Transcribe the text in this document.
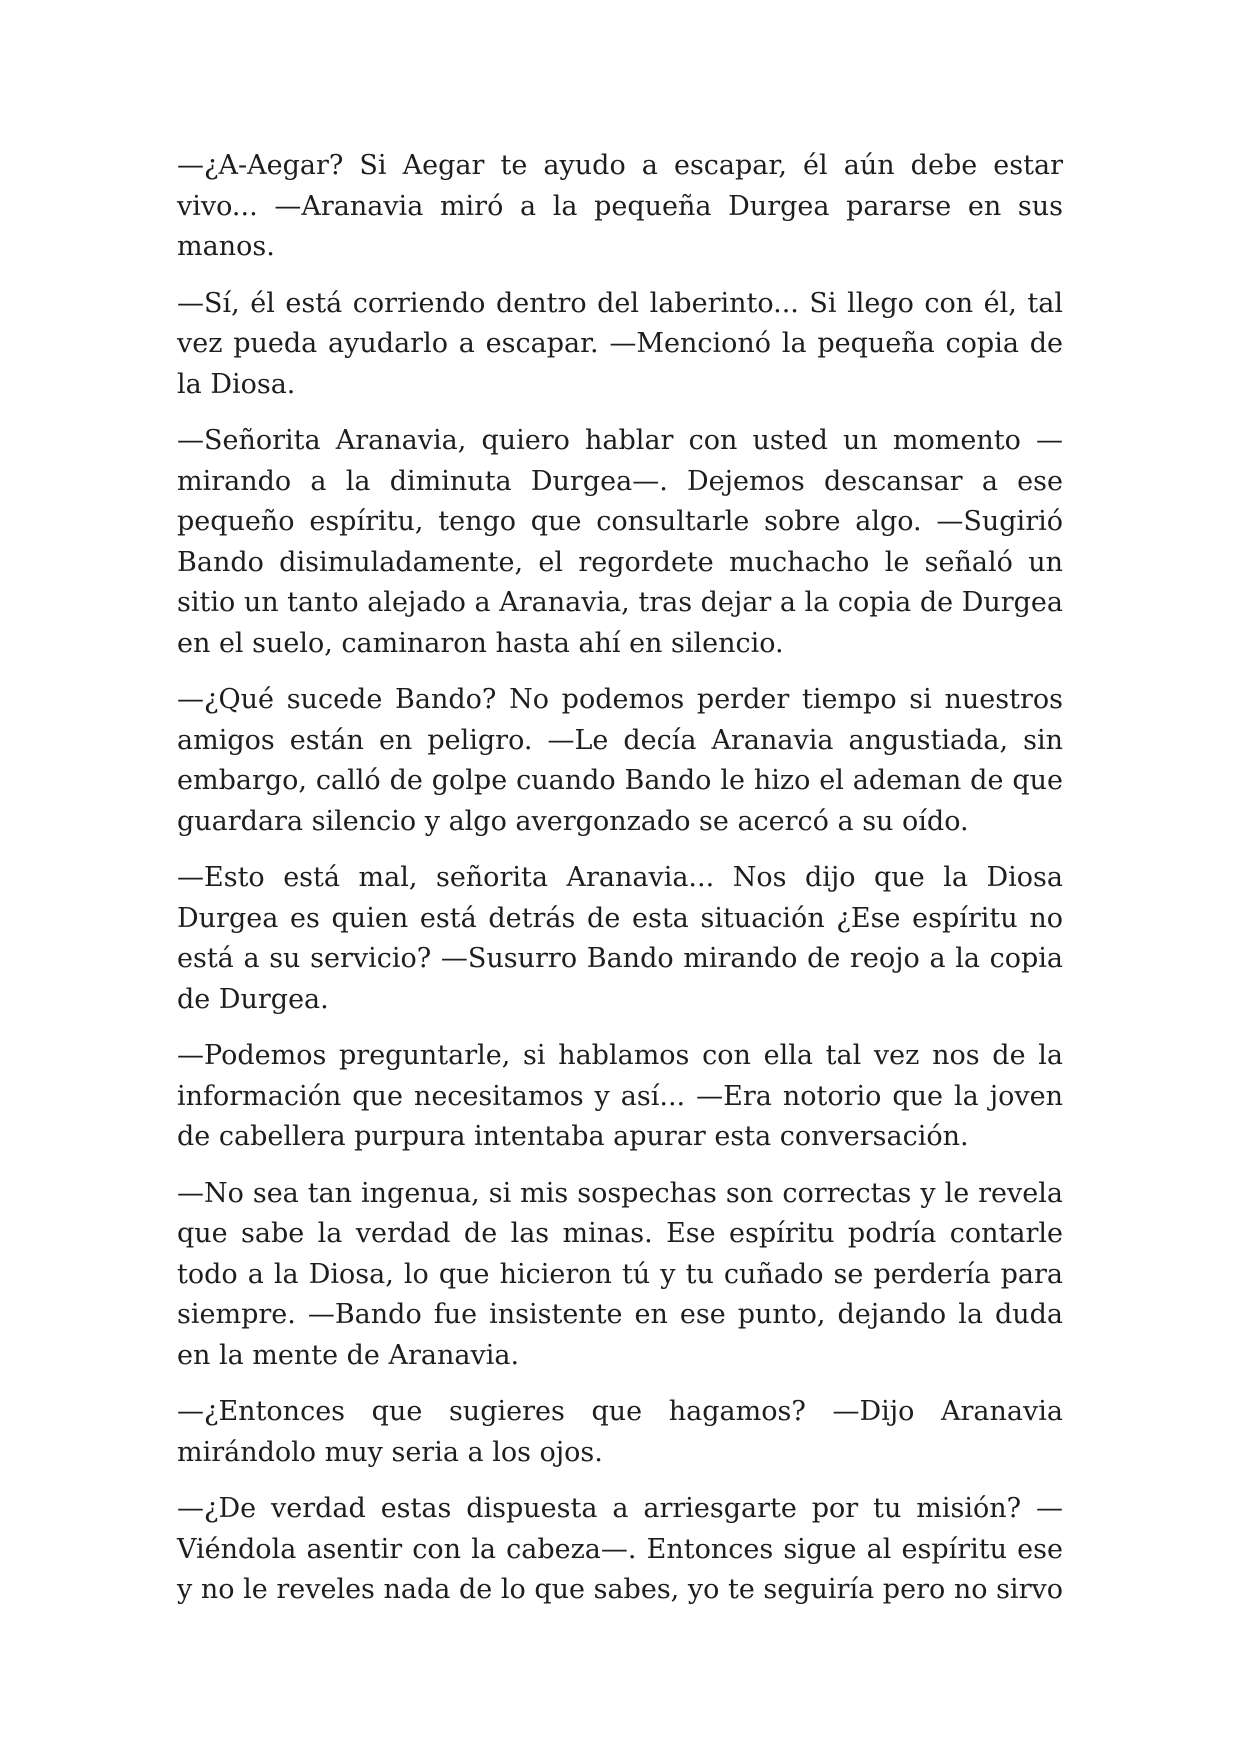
—¿A-Aegar? Si Aegar te ayudo a escapar, él aún debe estar vivo... —Aranavia miró a la pequeña Durgea pararse en sus manos.

—Sí, él está corriendo dentro del laberinto... Si llego con él, tal vez pueda ayudarlo a escapar. —Mencionó la pequeña copia de la Diosa.

—Señorita Aranavia, quiero hablar con usted un momento —mirando a la diminuta Durgea—. Dejemos descansar a ese pequeño espíritu, tengo que consultarle sobre algo. —Sugirió Bando disimuladamente, el regordete muchacho le señaló un sitio un tanto alejado a Aranavia, tras dejar a la copia de Durgea en el suelo, caminaron hasta ahí en silencio.

—¿Qué sucede Bando? No podemos perder tiempo si nuestros amigos están en peligro. —Le decía Aranavia angustiada, sin embargo, calló de golpe cuando Bando le hizo el ademan de que guardara silencio y algo avergonzado se acercó a su oído.

—Esto está mal, señorita Aranavia... Nos dijo que la Diosa Durgea es quien está detrás de esta situación ¿Ese espíritu no está a su servicio? —Susurro Bando mirando de reojo a la copia de Durgea.

—Podemos preguntarle, si hablamos con ella tal vez nos de la información que necesitamos y así... —Era notorio que la joven de cabellera purpura intentaba apurar esta conversación.

—No sea tan ingenua, si mis sospechas son correctas y le revela que sabe la verdad de las minas. Ese espíritu podría contarle todo a la Diosa, lo que hicieron tú y tu cuñado se perdería para siempre. —Bando fue insistente en ese punto, dejando la duda en la mente de Aranavia.

—¿Entonces que sugieres que hagamos? —Dijo Aranavia mirándolo muy seria a los ojos.

—¿De verdad estas dispuesta a arriesgarte por tu misión? —Viéndola asentir con la cabeza—. Entonces sigue al espíritu ese y no le reveles nada de lo que sabes, yo te seguiría pero no sirvo
